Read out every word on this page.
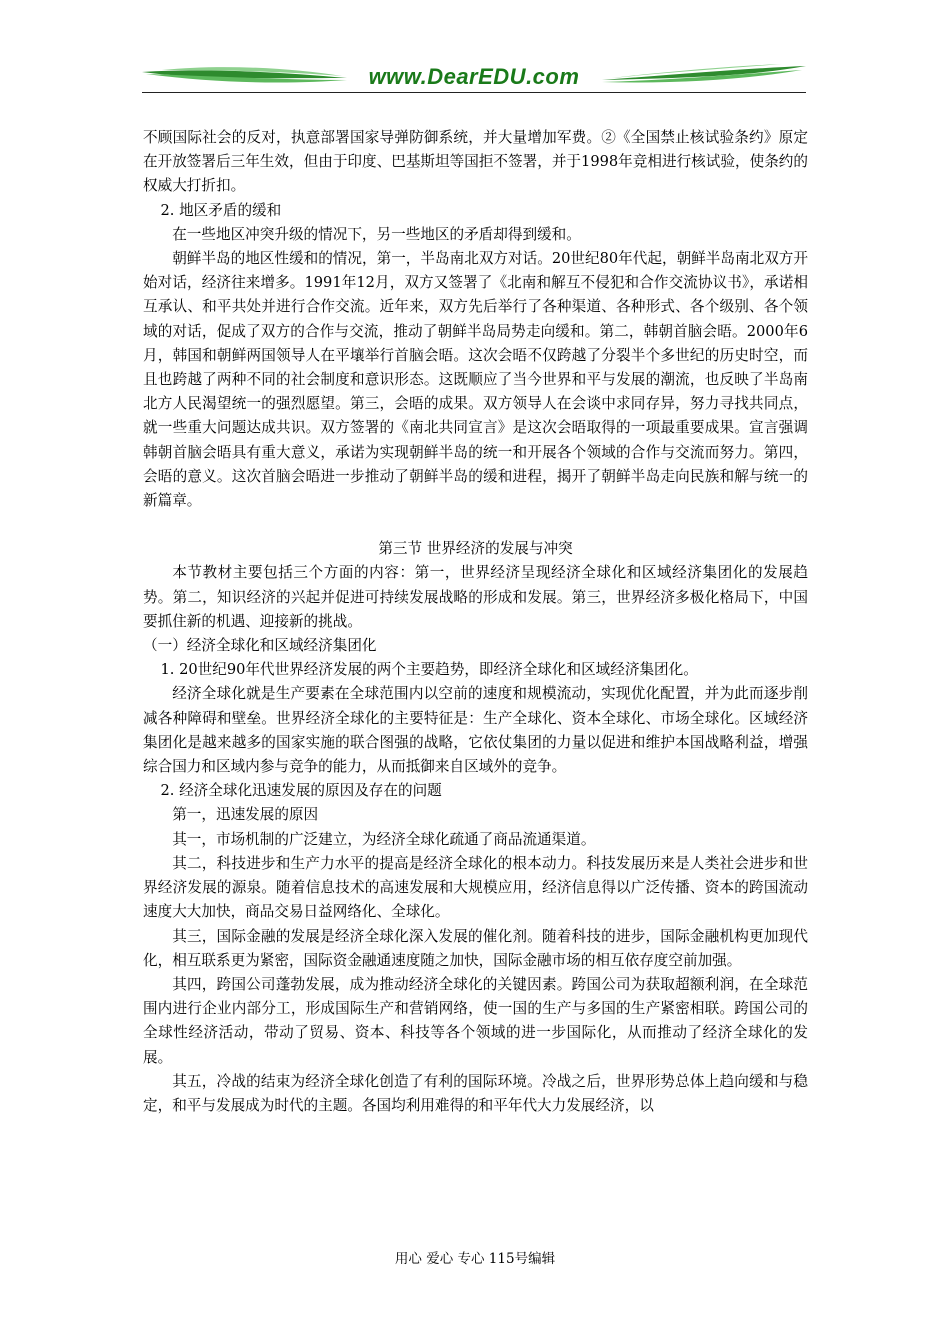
www.DearEDU.com

不顾国际社会的反对，执意部署国家导弹防御系统，并大量增加军费。②《全国禁止核试验条约》原定在开放签署后三年生效，但由于印度、巴基斯坦等国拒不签署，并于1998年竞相进行核试验，使条约的权威大打折扣。

2. 地区矛盾的缓和

在一些地区冲突升级的情况下，另一些地区的矛盾却得到缓和。

朝鲜半岛的地区性缓和的情况，第一，半岛南北双方对话。20世纪80年代起，朝鲜半岛南北双方开始对话，经济往来增多。1991年12月，双方又签署了《北南和解互不侵犯和合作交流协议书》，承诺相互承认、和平共处并进行合作交流。近年来，双方先后举行了各种渠道、各种形式、各个级别、各个领域的对话，促成了双方的合作与交流，推动了朝鲜半岛局势走向缓和。第二，韩朝首脑会晤。2000年6月，韩国和朝鲜两国领导人在平壤举行首脑会晤。这次会晤不仅跨越了分裂半个多世纪的历史时空，而且也跨越了两种不同的社会制度和意识形态。这既顺应了当今世界和平与发展的潮流，也反映了半岛南北方人民渴望统一的强烈愿望。第三，会晤的成果。双方领导人在会谈中求同存异，努力寻找共同点，就一些重大问题达成共识。双方签署的《南北共同宣言》是这次会晤取得的一项最重要成果。宣言强调韩朝首脑会晤具有重大意义，承诺为实现朝鲜半岛的统一和开展各个领域的合作与交流而努力。第四，会晤的意义。这次首脑会晤进一步推动了朝鲜半岛的缓和进程，揭开了朝鲜半岛走向民族和解与统一的新篇章。

第三节 世界经济的发展与冲突

本节教材主要包括三个方面的内容：第一，世界经济呈现经济全球化和区域经济集团化的发展趋势。第二，知识经济的兴起并促进可持续发展战略的形成和发展。第三，世界经济多极化格局下，中国要抓住新的机遇、迎接新的挑战。

（一）经济全球化和区域经济集团化

1. 20世纪90年代世界经济发展的两个主要趋势，即经济全球化和区域经济集团化。

经济全球化就是生产要素在全球范围内以空前的速度和规模流动，实现优化配置，并为此而逐步削减各种障碍和壁垒。世界经济全球化的主要特征是：生产全球化、资本全球化、市场全球化。区域经济集团化是越来越多的国家实施的联合图强的战略，它依仗集团的力量以促进和维护本国战略利益，增强综合国力和区域内参与竞争的能力，从而抵御来自区域外的竞争。

2. 经济全球化迅速发展的原因及存在的问题

第一，迅速发展的原因

其一，市场机制的广泛建立，为经济全球化疏通了商品流通渠道。

其二，科技进步和生产力水平的提高是经济全球化的根本动力。科技发展历来是人类社会进步和世界经济发展的源泉。随着信息技术的高速发展和大规模应用，经济信息得以广泛传播、资本的跨国流动速度大大加快，商品交易日益网络化、全球化。

其三，国际金融的发展是经济全球化深入发展的催化剂。随着科技的进步，国际金融机构更加现代化，相互联系更为紧密，国际资金融通速度随之加快，国际金融市场的相互依存度空前加强。

其四，跨国公司蓬勃发展，成为推动经济全球化的关键因素。跨国公司为获取超额利润，在全球范围内进行企业内部分工，形成国际生产和营销网络，使一国的生产与多国的生产紧密相联。跨国公司的全球性经济活动，带动了贸易、资本、科技等各个领域的进一步国际化，从而推动了经济全球化的发展。

其五，冷战的结束为经济全球化创造了有利的国际环境。冷战之后，世界形势总体上趋向缓和与稳定，和平与发展成为时代的主题。各国均利用难得的和平年代大力发展经济，以

用心 爱心 专心 115号编辑
